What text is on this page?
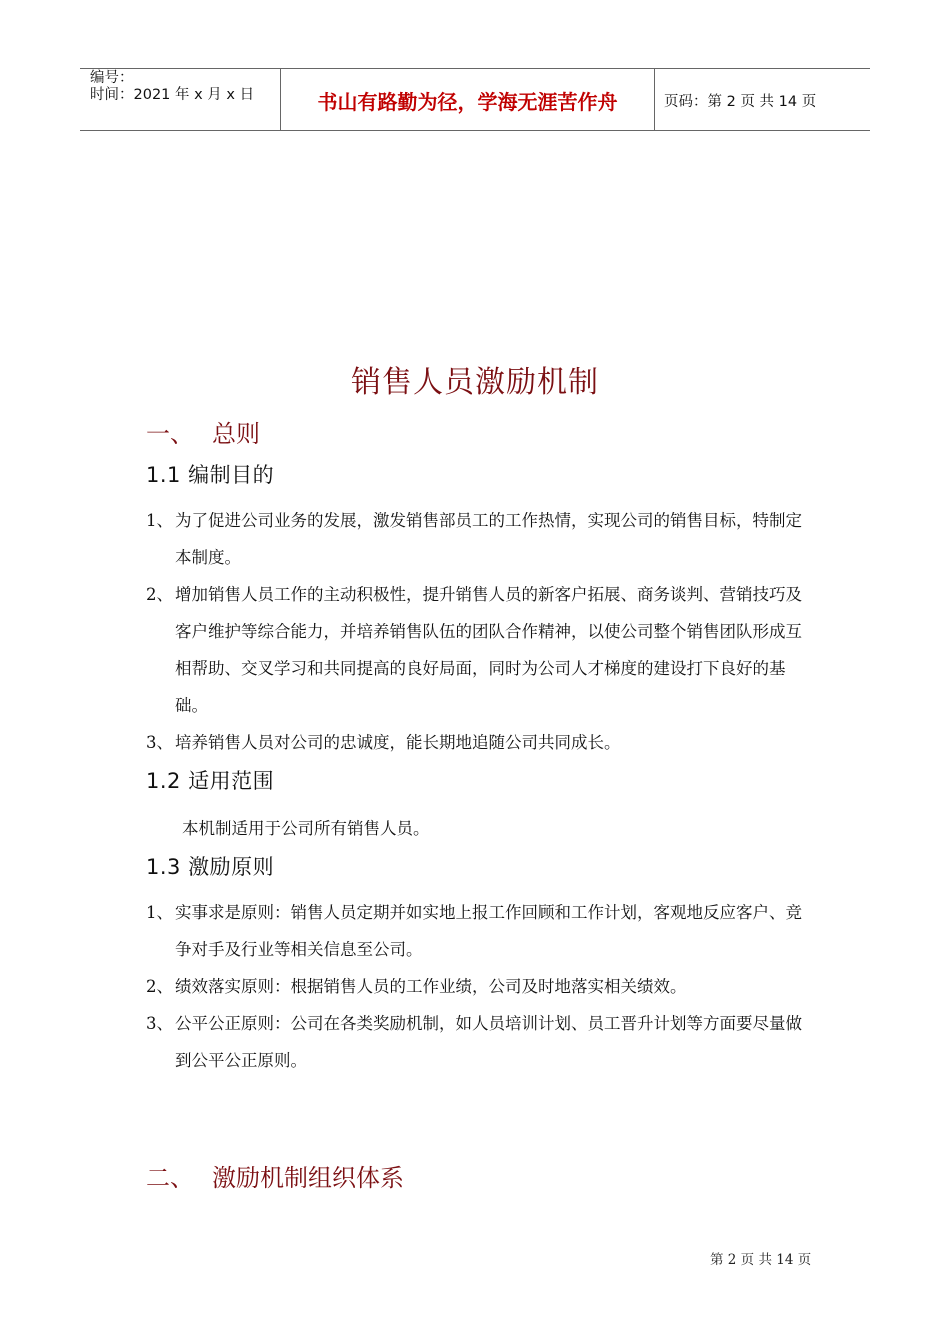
编号：
时间：2021 年 x 月 x 日	书山有路勤为径，学海无涯苦作舟	页码：第 2 页 共 14 页
销售人员激励机制
一、 总则
1.1 编制目的
1、 为了促进公司业务的发展，激发销售部员工的工作热情，实现公司的销售目标，特制定本制度。
2、 增加销售人员工作的主动积极性，提升销售人员的新客户拓展、商务谈判、营销技巧及客户维护等综合能力，并培养销售队伍的团队合作精神，以使公司整个销售团队形成互相帮助、交叉学习和共同提高的良好局面，同时为公司人才梯度的建设打下良好的基础。
3、 培养销售人员对公司的忠诚度，能长期地追随公司共同成长。
1.2 适用范围
本机制适用于公司所有销售人员。
1.3 激励原则
1、 实事求是原则：销售人员定期并如实地上报工作回顾和工作计划，客观地反应客户、竞争对手及行业等相关信息至公司。
2、 绩效落实原则：根据销售人员的工作业绩，公司及时地落实相关绩效。
3、 公平公正原则：公司在各类奖励机制，如人员培训计划、员工晋升计划等方面要尽量做到公平公正原则。
二、 激励机制组织体系
第 2 页 共 14 页
